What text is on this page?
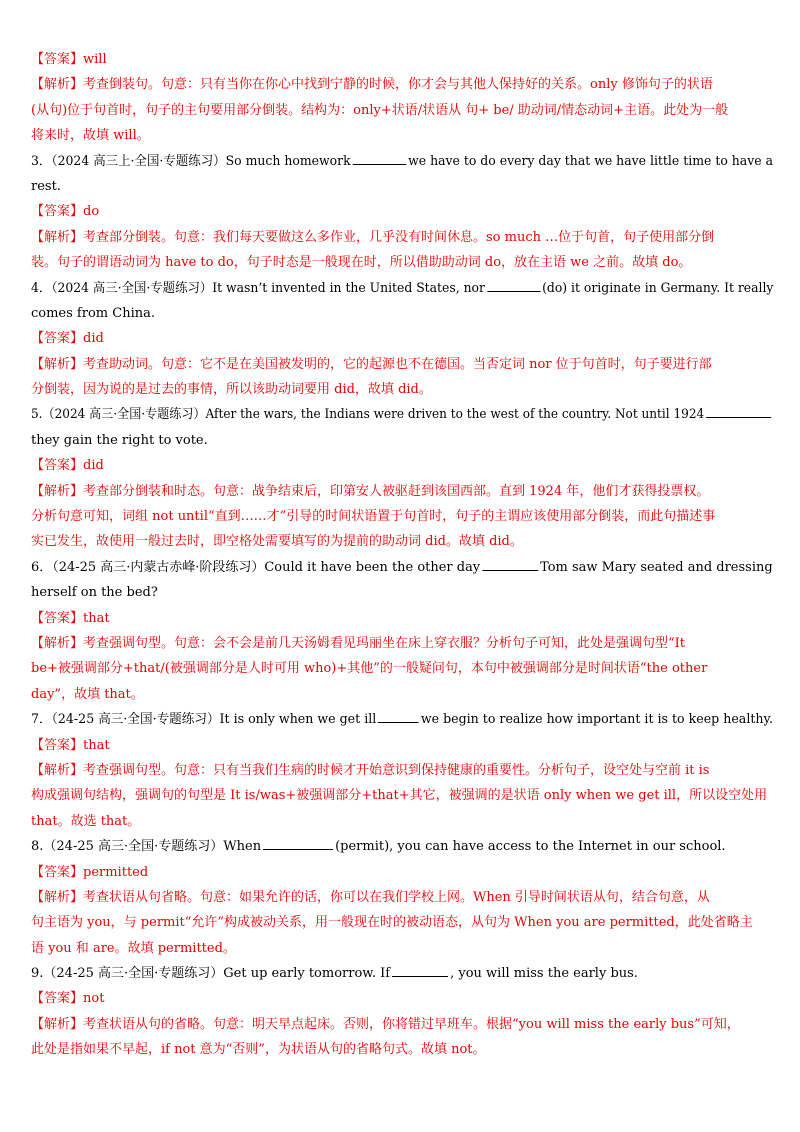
【答案】will
【解析】考查倒装句。句意：只有当你在你心中找到宁静的时候，你才会与其他人保持好的关系。only 修饰句子的状语
(从句)位于句首时，句子的主句要用部分倒装。结构为：only+状语/状语从 句+ be/ 助动词/情态动词+主语。此处为一般
将来时，故填 will。
3．（2024 高三上·全国·专题练习）So much homework	we have to do every day that we have little time to have a
rest.
【答案】do
【解析】考查部分倒装。句意：我们每天要做这么多作业，几乎没有时间休息。so much …位于句首，句子使用部分倒
装。句子的谓语动词为 have to do，句子时态是一般现在时，所以借助助动词 do，放在主语 we 之前。故填 do。
4．（2024 高三·全国·专题练习）It wasn’t invented in the United States, nor	(do) it originate in Germany. It really
comes from China.
【答案】did
【解析】考查助动词。句意：它不是在美国被发明的，它的起源也不在德国。当否定词 nor 位于句首时，句子要进行部
分倒装，因为说的是过去的事情，所以该助动词要用 did，故填 did。
5.（2024 高三·全国·专题练习）After the wars, the Indians were driven to the west of the country. Not until 1924
they gain the right to vote.
【答案】did
【解析】考查部分倒装和时态。句意：战争结束后，印第安人被驱赶到该国西部。直到 1924 年，他们才获得投票权。
分析句意可知，词组 not until“直到……才”引导的时间状语置于句首时，句子的主谓应该使用部分倒装，而此句描述事
实已发生，故使用一般过去时，即空格处需要填写的为提前的助动词 did。故填 did。
6．（24-25 高三·内蒙古赤峰·阶段练习）Could it have been the other day	Tom saw Mary seated and dressing
herself on the bed?
【答案】that
【解析】考查强调句型。句意：会不会是前几天汤姆看见玛丽坐在床上穿衣服？分析句子可知，此处是强调句型“It
be+被强调部分+that/(被强调部分是人时可用 who)+其他”的一般疑问句，本句中被强调部分是时间状语“the other
day”，故填 that。
7．（24-25 高三·全国·专题练习）It is only when we get ill	we begin to realize how important it is to keep healthy.
【答案】that
【解析】考查强调句型。句意：只有当我们生病的时候才开始意识到保持健康的重要性。分析句子，设空处与空前 it is
构成强调句结构，强调句的句型是 It is/was+被强调部分+that+其它，被强调的是状语 only when we get ill，所以设空处用
that。故选 that。
8.（24-25 高三·全国·专题练习）When	(permit), you can have access to the Internet in our school.
【答案】permitted
【解析】考查状语从句省略。句意：如果允许的话，你可以在我们学校上网。When 引导时间状语从句，结合句意，从
句主语为 you，与 permit“允许”构成被动关系，用一般现在时的被动语态，从句为 When you are permitted，此处省略主
语 you 和 are。故填 permitted。
9.（24-25 高三·全国·专题练习）Get up early tomorrow. If	, you will miss the early bus.
【答案】not
【解析】考查状语从句的省略。句意：明天早点起床。否则，你将错过早班车。根据“you will miss the early bus”可知，
此处是指如果不早起，if not 意为“否则”，为状语从句的省略句式。故填 not。
